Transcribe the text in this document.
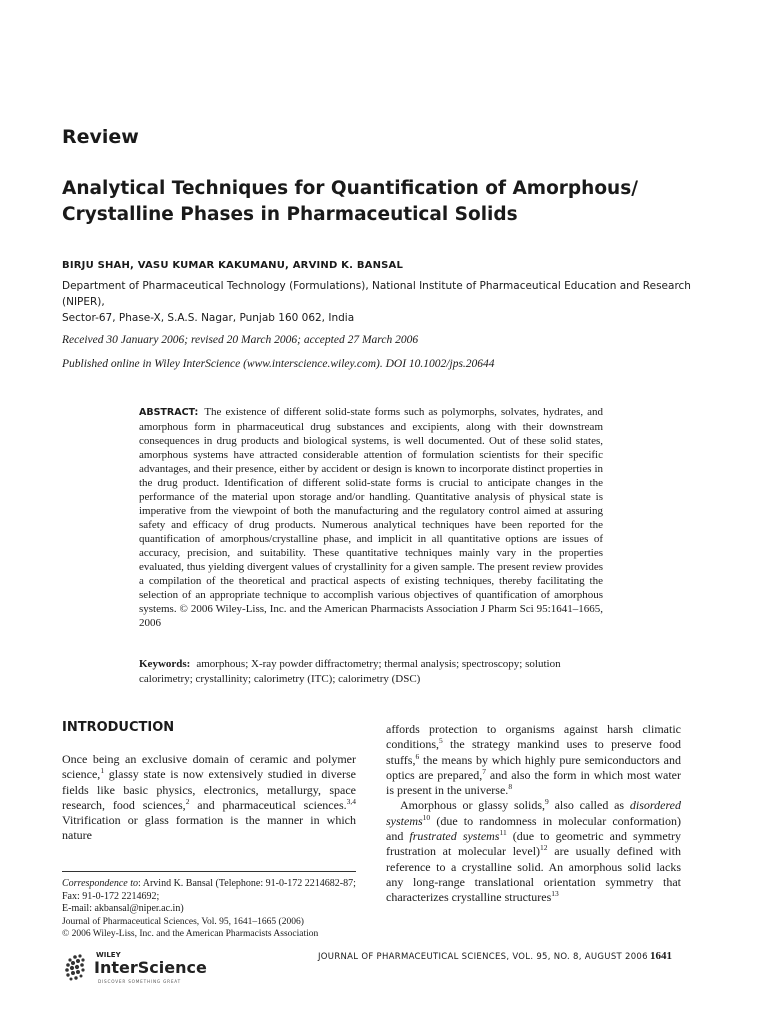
Review
Analytical Techniques for Quantification of Amorphous/
Crystalline Phases in Pharmaceutical Solids
BIRJU SHAH, VASU KUMAR KAKUMANU, ARVIND K. BANSAL
Department of Pharmaceutical Technology (Formulations), National Institute of Pharmaceutical Education and Research (NIPER),
Sector-67, Phase-X, S.A.S. Nagar, Punjab 160 062, India
Received 30 January 2006; revised 20 March 2006; accepted 27 March 2006
Published online in Wiley InterScience (www.interscience.wiley.com). DOI 10.1002/jps.20644
ABSTRACT: The existence of different solid-state forms such as polymorphs, solvates, hydrates, and amorphous form in pharmaceutical drug substances and excipients, along with their downstream consequences in drug products and biological systems, is well documented. Out of these solid states, amorphous systems have attracted considerable attention of formulation scientists for their specific advantages, and their presence, either by accident or design is known to incorporate distinct properties in the drug product. Identification of different solid-state forms is crucial to anticipate changes in the performance of the material upon storage and/or handling. Quantitative analysis of physical state is imperative from the viewpoint of both the manufacturing and the regulatory control aimed at assuring safety and efficacy of drug products. Numerous analytical techniques have been reported for the quantification of amorphous/crystalline phase, and implicit in all quantitative options are issues of accuracy, precision, and suitability. These quantitative techniques mainly vary in the properties evaluated, thus yielding divergent values of crystallinity for a given sample. The present review provides a compilation of the theoretical and practical aspects of existing techniques, thereby facilitating the selection of an appropriate technique to accomplish various objectives of quantification of amorphous systems. © 2006 Wiley-Liss, Inc. and the American Pharmacists Association J Pharm Sci 95:1641–1665, 2006
Keywords: amorphous; X-ray powder diffractometry; thermal analysis; spectroscopy; solution calorimetry; crystallinity; calorimetry (ITC); calorimetry (DSC)
INTRODUCTION
Once being an exclusive domain of ceramic and polymer science,$^1$ glassy state is now extensively studied in diverse fields like basic physics, electronics, metallurgy, space research, food sciences,$^2$ and pharmaceutical sciences.$^{3,4}$ Vitrification or glass formation is the manner in which nature

affords protection to organisms against harsh climatic conditions,$^5$ the strategy mankind uses to preserve food stuffs,$^6$ the means by which highly pure semiconductors and optics are prepared,$^7$ and also the form in which most water is present in the universe.$^8$

Amorphous or glassy solids,$^9$ also called as disordered systems$^{10}$ (due to randomness in molecular conformation) and frustrated systems$^{11}$ (due to geometric and symmetry frustration at molecular level)$^{12}$ are usually defined with reference to a crystalline solid. An amorphous solid lacks any long-range translational orientation symmetry that characterizes crystalline structures$^{13}$

Correspondence to: Arvind K. Bansal (Telephone: 91-0-172 2214682-87; Fax: 91-0-172 2214692;
E-mail: akbansal@niper.ac.in)
Journal of Pharmaceutical Sciences, Vol. 95, 1641–1665 (2006)
© 2006 Wiley-Liss, Inc. and the American Pharmacists Association
WILEY
InterScience
DISCOVER SOMETHING GREAT
JOURNAL OF PHARMACEUTICAL SCIENCES, VOL. 95, NO. 8, AUGUST 2006 1641
